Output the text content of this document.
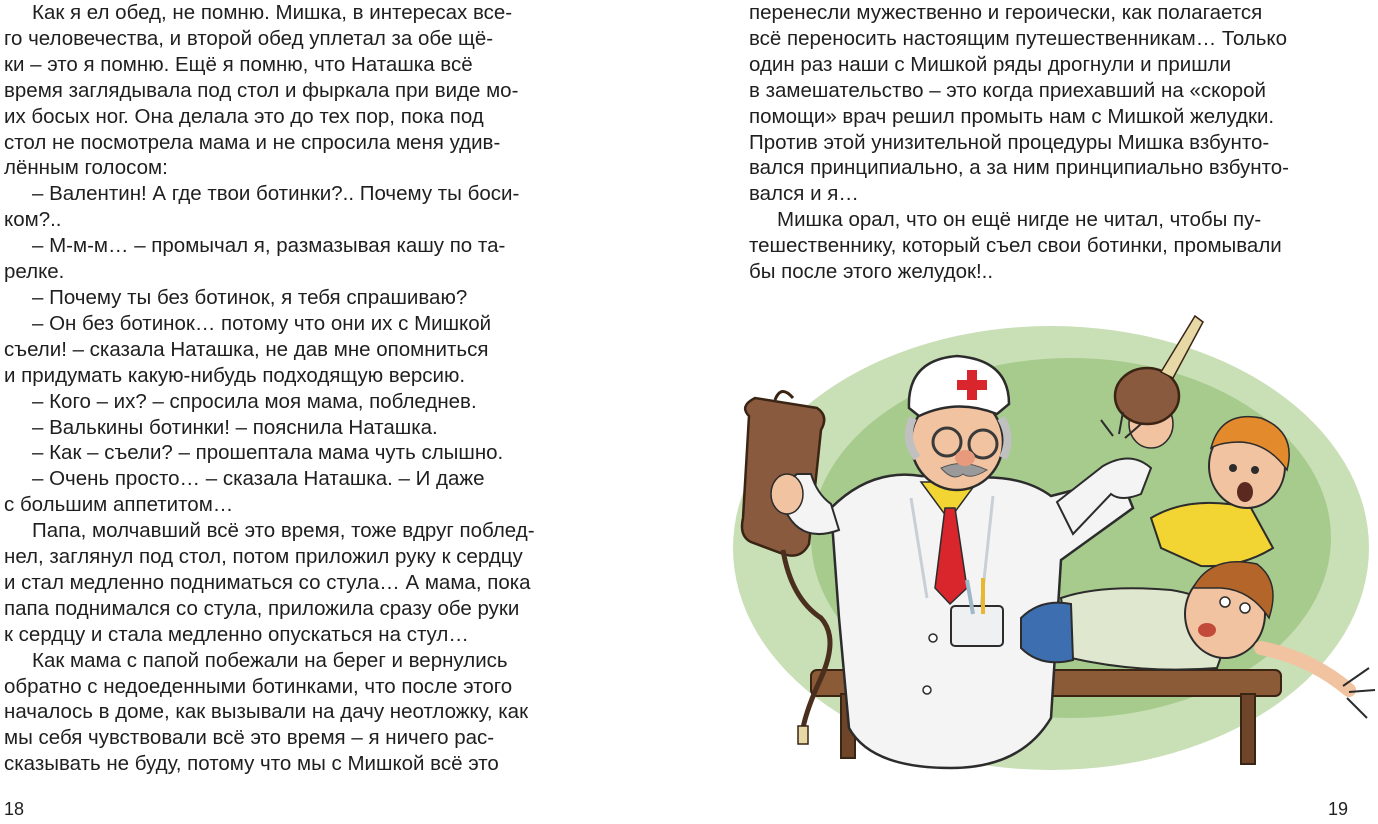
Как я ел обед, не помню. Мишка, в интересах все-

го человечества, и второй обед уплетал за обе щё-

ки – это я помню. Ещё я помню, что Наташка всё

время заглядывала под стол и фыркала при виде мо-

их босых ног. Она делала это до тех пор, пока под

стол не посмотрела мама и не спросила меня удив-

лённым голосом:

– Валентин! А где твои ботинки?.. Почему ты боси-

ком?..

– М-м-м… – промычал я, размазывая кашу по та-

релке.

– Почему ты без ботинок, я тебя спрашиваю?

– Он без ботинок… потому что они их с Мишкой

съели! – сказала Наташка, не дав мне опомниться

и придумать какую-нибудь подходящую версию.

– Кого – их? – спросила моя мама, побледнев.

– Валькины ботинки! – пояснила Наташка.

– Как – съели? – прошептала мама чуть слышно.

– Очень просто… – сказала Наташка. – И даже

с большим аппетитом…

Папа, молчавший всё это время, тоже вдруг поблед-

нел, заглянул под стол, потом приложил руку к сердцу

и стал медленно подниматься со стула… А мама, пока

папа поднимался со стула, приложила сразу обе руки

к сердцу и стала медленно опускаться на стул…

Как мама с папой побежали на берег и вернулись

обратно с недоеденными ботинками, что после этого

началось в доме, как вызывали на дачу неотложку, как

мы себя чувствовали всё это время – я ничего рас-

сказывать не буду, потому что мы с Мишкой всё это

18

перенесли мужественно и героически, как полагается

всё переносить настоящим путешественникам… Только

один раз наши с Мишкой ряды дрогнули и пришли

в замешательство – это когда приехавший на «скорой

помощи» врач решил промыть нам с Мишкой желудки.

Против этой унизительной процедуры Мишка взбунто-

вался принципиально, а за ним принципиально взбунто-

вался и я…

Мишка орал, что он ещё нигде не читал, чтобы пу-

тешественнику, который съел свои ботинки, промывали

бы после этого желудок!..

19
